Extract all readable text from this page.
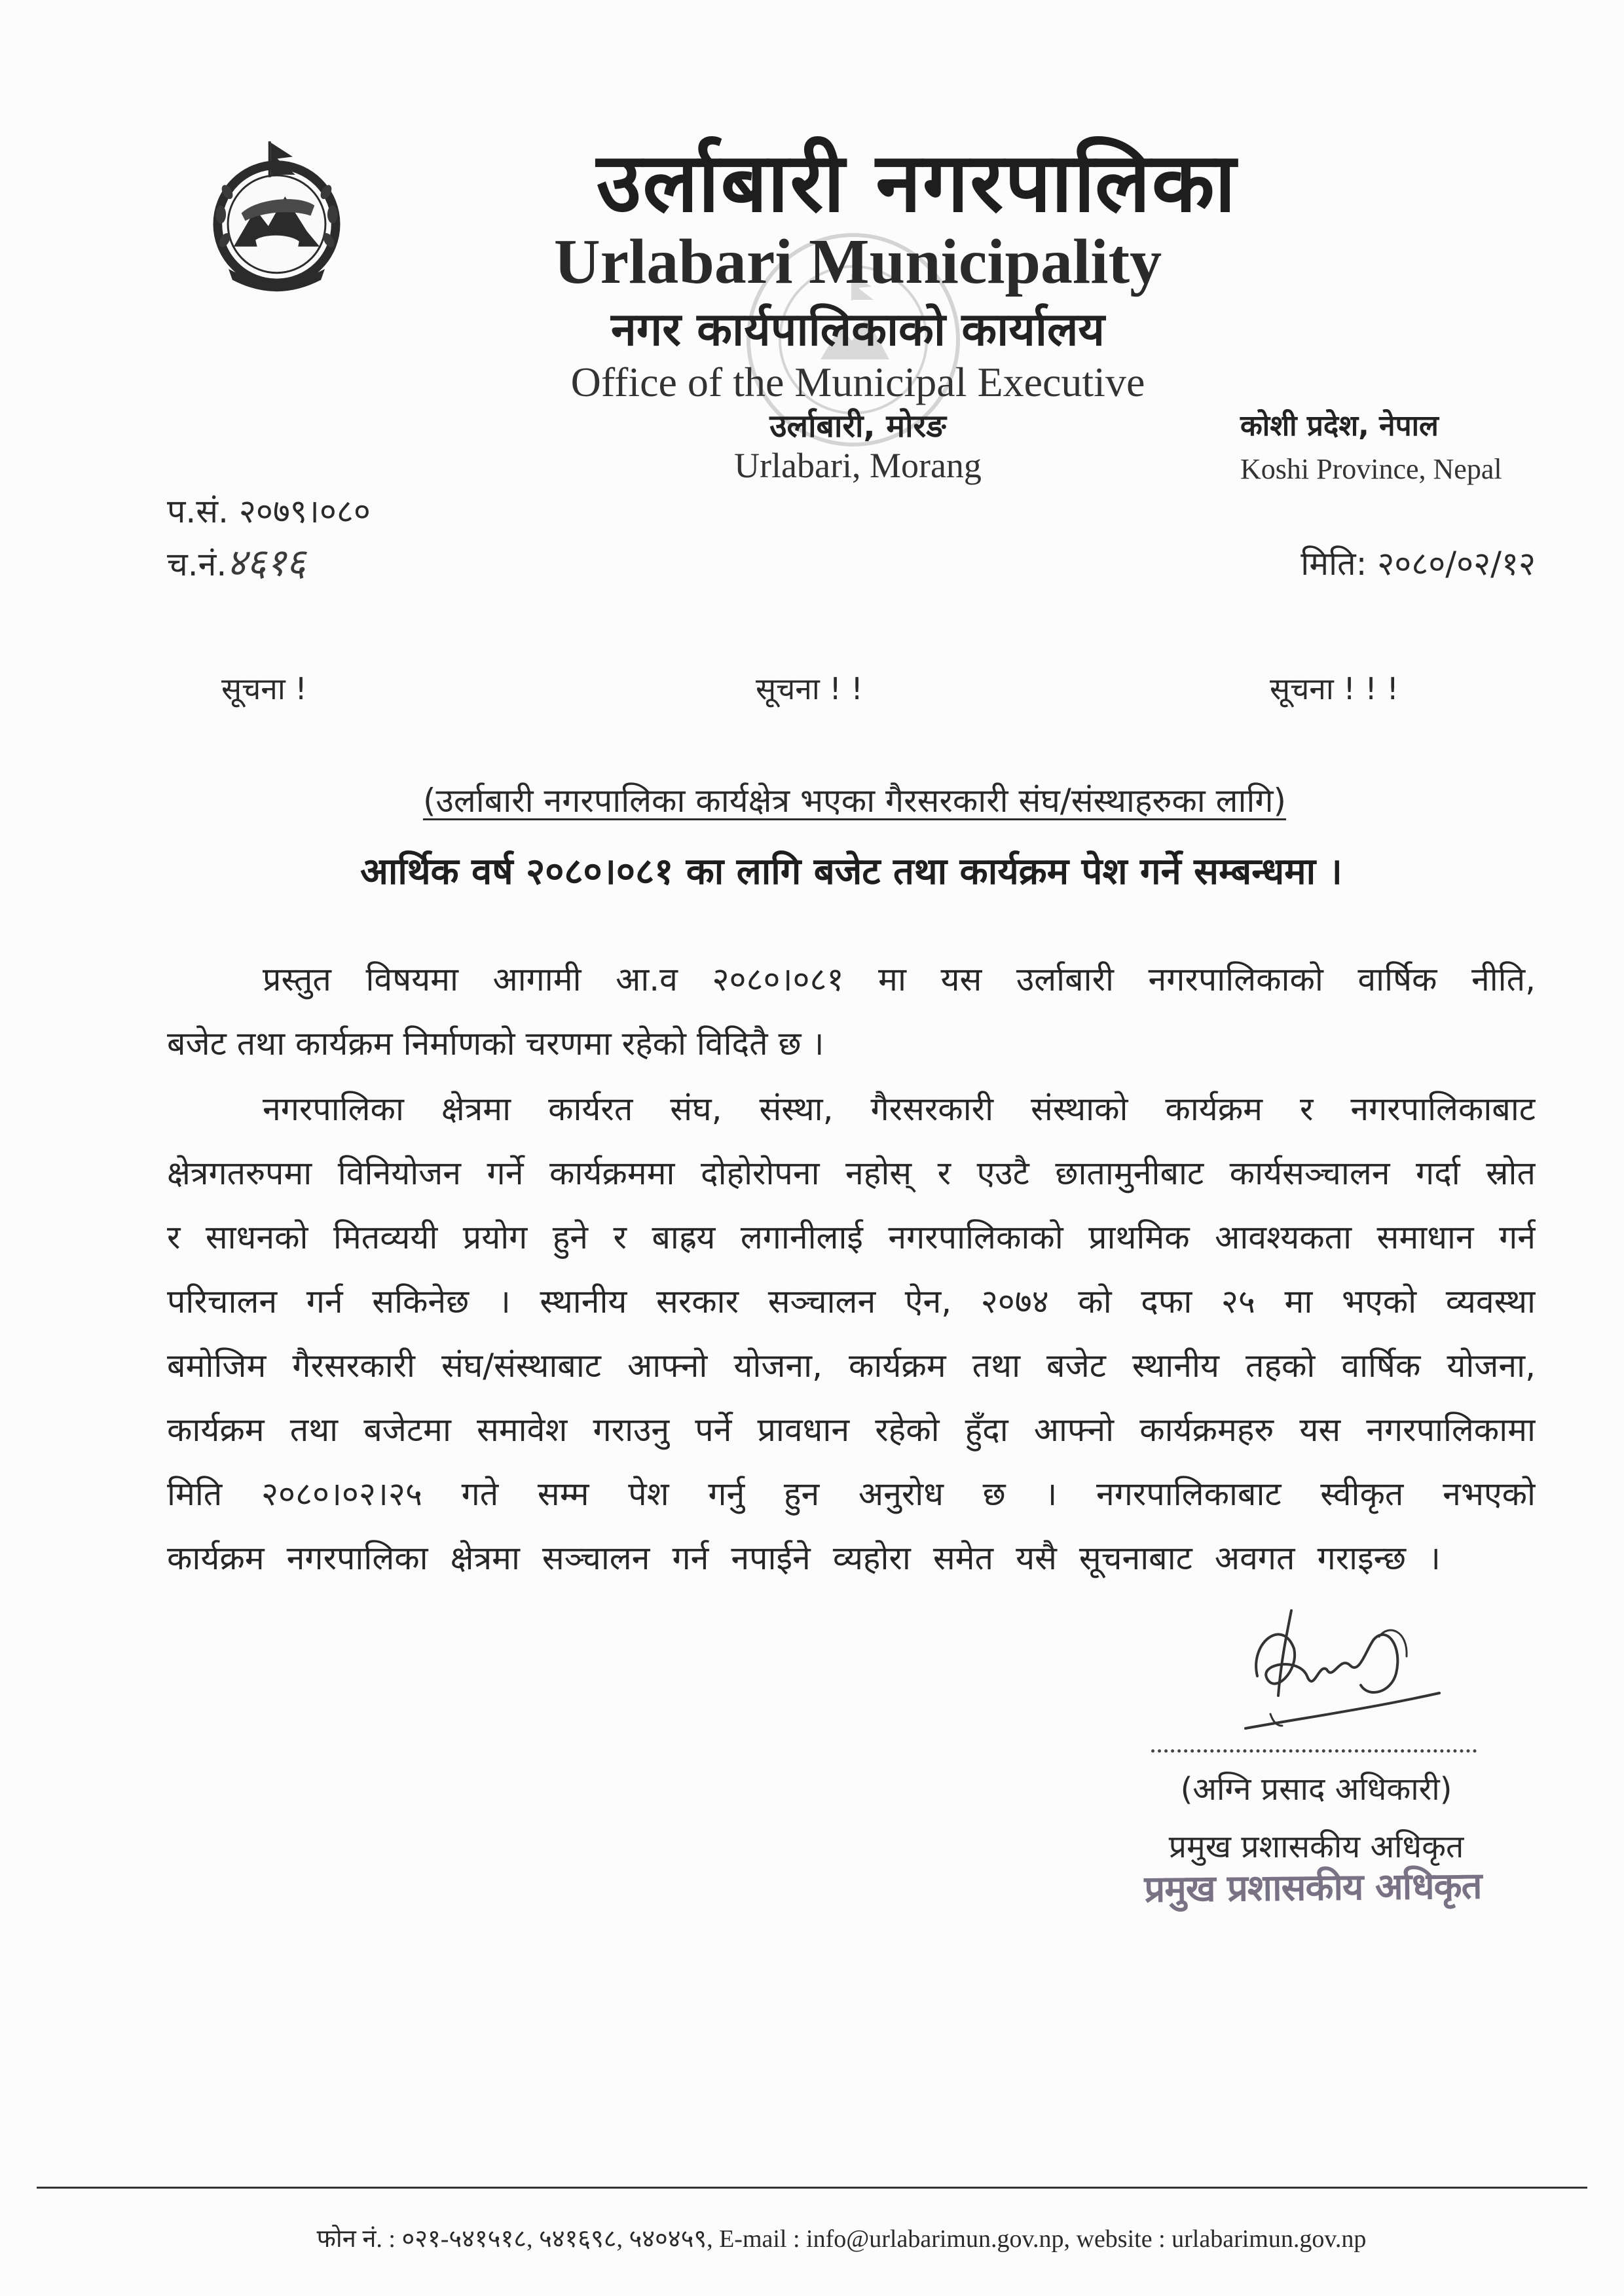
उर्लाबारी नगरपालिका
Urlabari Municipality
नगर कार्यपालिकाको कार्यालय
Office of the Municipal Executive
उर्लाबारी, मोरङ
Urlabari, Morang
कोशी प्रदेश, नेपाल
Koshi Province, Nepal
प.सं. २०७९।०८०
च.नं.४६१६	मिति: २०८०/०२/१२
सूचना !	सूचना ! !	सूचना ! ! !
(उर्लाबारी नगरपालिका कार्यक्षेत्र भएका गैरसरकारी संघ/संस्थाहरुका लागि)
आर्थिक वर्ष २०८०।०८१ का लागि बजेट तथा कार्यक्रम पेश गर्ने सम्बन्धमा ।
प्रस्तुत विषयमा आगामी आ.व २०८०।०८१ मा यस उर्लाबारी नगरपालिकाको वार्षिक नीति,
बजेट तथा कार्यक्रम निर्माणको चरणमा रहेको विदितै छ ।
नगरपालिका क्षेत्रमा कार्यरत संघ, संस्था, गैरसरकारी संस्थाको कार्यक्रम र नगरपालिकाबाट
क्षेत्रगतरुपमा विनियोजन गर्ने कार्यक्रममा दोहोरोपना नहोस् र एउटै छातामुनीबाट कार्यसञ्चालन गर्दा स्रोत
र साधनको मितव्ययी प्रयोग हुने र बाह्रय लगानीलाई नगरपालिकाको प्राथमिक आवश्यकता समाधान गर्न
परिचालन गर्न सकिनेछ । स्थानीय सरकार सञ्चालन ऐन, २०७४ को दफा २५ मा भएको व्यवस्था
बमोजिम गैरसरकारी संघ/संस्थाबाट आफ्नो योजना, कार्यक्रम तथा बजेट स्थानीय तहको वार्षिक योजना,
कार्यक्रम तथा बजेटमा समावेश गराउनु पर्ने प्रावधान रहेको हुँदा आफ्नो कार्यक्रमहरु यस नगरपालिकामा
मिति २०८०।०२।२५ गते सम्म पेश गर्नु हुन अनुरोध छ । नगरपालिकाबाट स्वीकृत नभएको
कार्यक्रम नगरपालिका क्षेत्रमा सञ्चालन गर्न नपाईने व्यहोरा समेत यसै सूचनाबाट अवगत गराइन्छ ।
(अग्नि प्रसाद अधिकारी)
प्रमुख प्रशासकीय अधिकृत
प्रमुख प्रशासकीय अधिकृत
फोन नं. : ०२१-५४१५१८, ५४१६९८, ५४०४५९, E-mail : info@urlabarimun.gov.np, website : urlabarimun.gov.np
